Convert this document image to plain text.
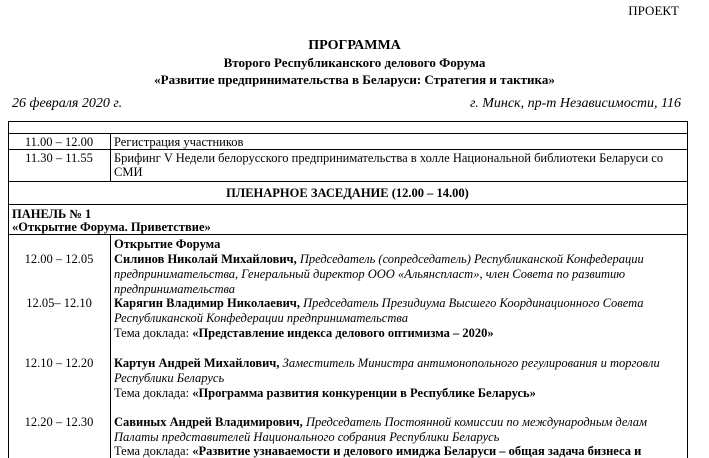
ПРОЕКТ
ПРОГРАММА
Второго Республиканского делового Форума
«Развитие предпринимательства в Беларуси: Стратегия и тактика»
26 февраля 2020 г.	г. Минск, пр-т Независимости, 116
11.00 – 12.00	Регистрация участников
11.30 – 11.55	Брифинг V Недели белорусского предпринимательства в холле Национальной библиотеки Беларуси со
СМИ
ПЛЕНАРНОЕ ЗАСЕДАНИЕ (12.00 – 14.00)
ПАНЕЛЬ № 1
«Открытие Форума. Приветствие»
Открытие Форума
12.00 – 12.05	Силинов Николай Михайлович, Председатель (сопредседатель) Республиканской Конфедерации
предпринимательства, Генеральный директор ООО «Альянспласт», член Совета по развитию
предпринимательства
12.05– 12.10	Карягин Владимир Николаевич, Председатель Президиума Высшего Координационного Совета
Республиканской Конфедерации предпринимательства
Тема доклада: «Представление индекса делового оптимизма – 2020»
12.10 – 12.20	Картун Андрей Михайлович, Заместитель Министра антимонопольного регулирования и торговли
Республики Беларусь
Тема доклада: «Программа развития конкуренции в Республике Беларусь»
12.20 – 12.30	Савиных Андрей Владимирович, Председатель Постоянной комиссии по международным делам
Палаты представителей Национального собрания Республики Беларусь
Тема доклада: «Развитие узнаваемости и делового имиджа Беларуси – общая задача бизнеса и
